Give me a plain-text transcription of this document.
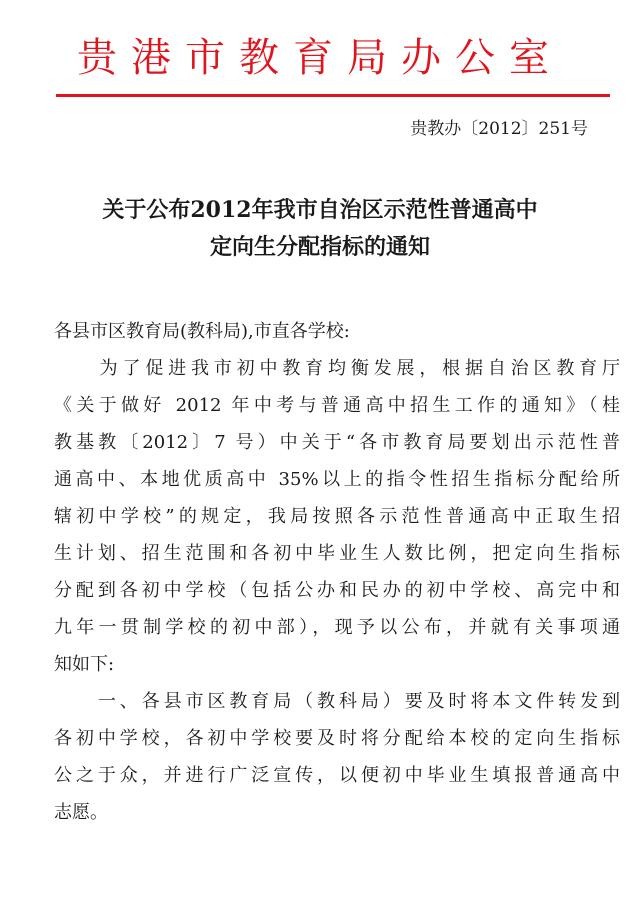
贵港市教育局办公室
贵教办〔2012〕251号
关于公布2012年我市自治区示范性普通高中
定向生分配指标的通知
各县市区教育局(教科局),市直各学校:
　　为了促进我市初中教育均衡发展，根据自治区教育厅
《关于做好 2012 年中考与普通高中招生工作的通知》（桂
教基教〔2012〕7 号）中关于“各市教育局要划出示范性普
通高中、本地优质高中 35%以上的指令性招生指标分配给所
辖初中学校”的规定，我局按照各示范性普通高中正取生招
生计划、招生范围和各初中毕业生人数比例，把定向生指标
分配到各初中学校（包括公办和民办的初中学校、高完中和
九年一贯制学校的初中部），现予以公布，并就有关事项通
知如下:
　　一、各县市区教育局（教科局）要及时将本文件转发到
各初中学校，各初中学校要及时将分配给本校的定向生指标
公之于众，并进行广泛宣传，以便初中毕业生填报普通高中
志愿。
